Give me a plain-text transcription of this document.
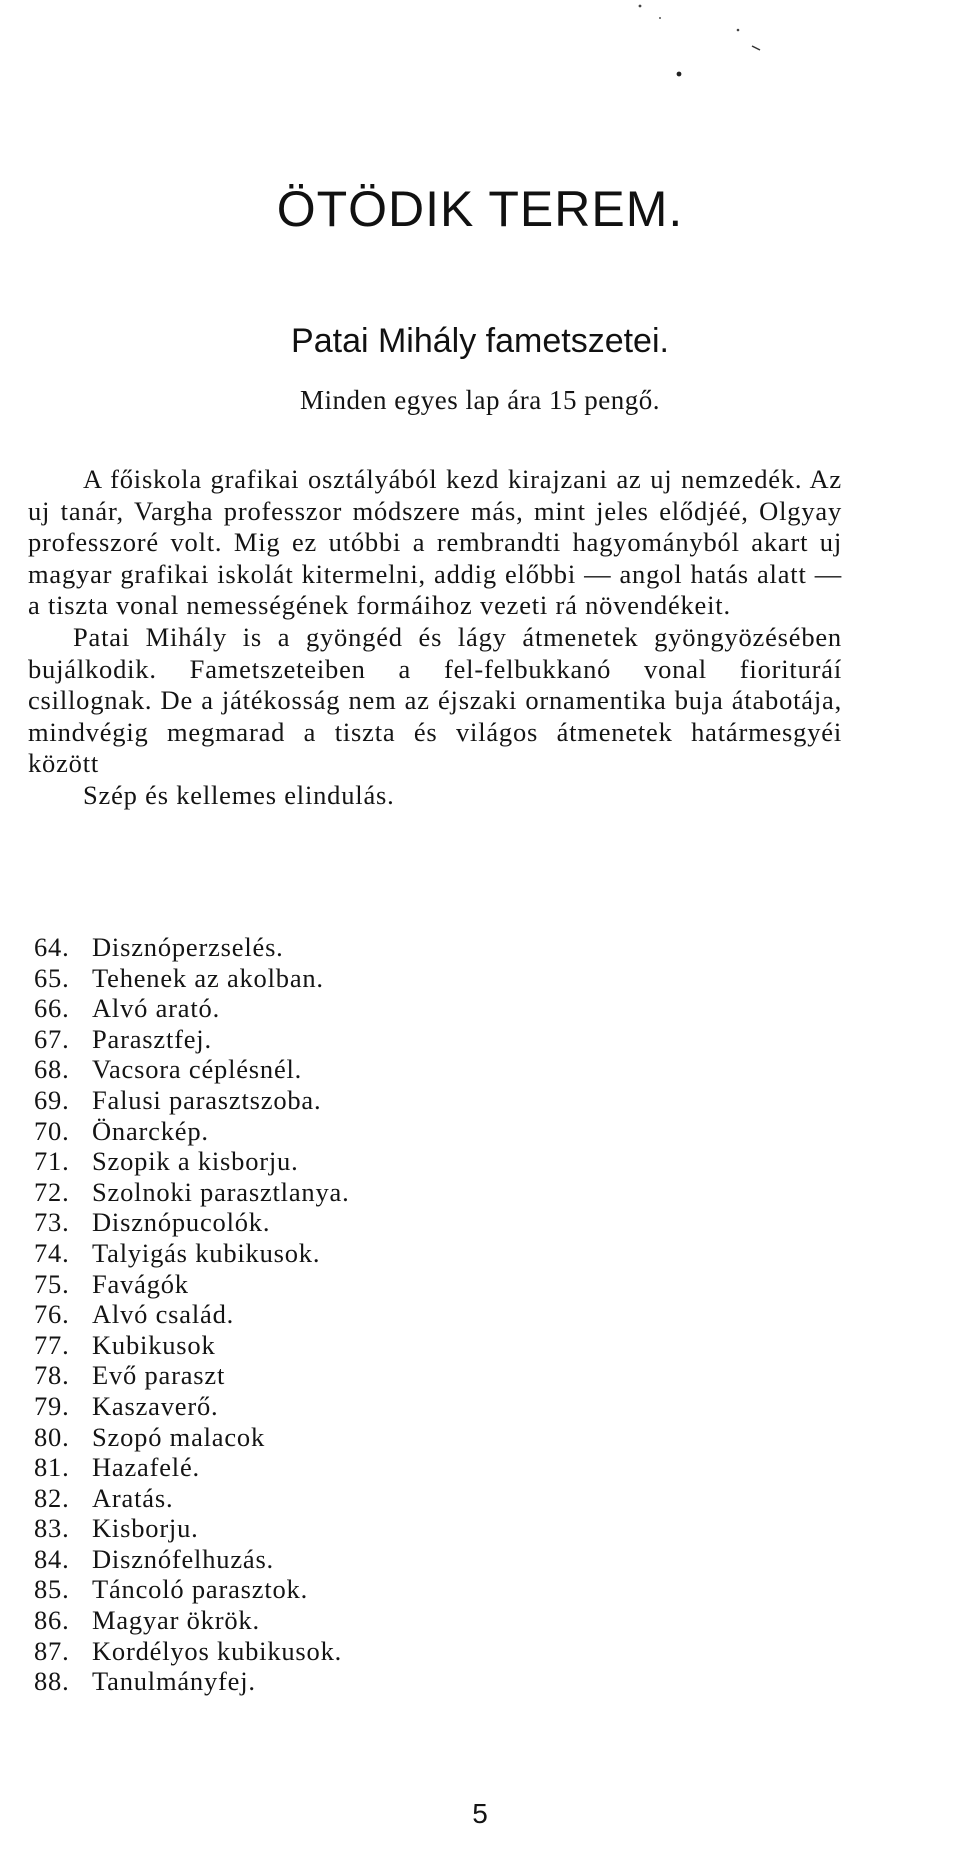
ÖTÖDIK TEREM.
Patai Mihály fametszetei.

Minden egyes lap ára 15 pengő.

A főiskola grafikai osztályából kezd kirajzani az uj nemzedék. Az uj tanár, Vargha professzor módszere más, mint jeles elődjéé, Olgyay professzoré volt. Mig ez utóbbi a rembrandti hagyományból akart uj magyar grafikai iskolát kitermelni, addig előbbi — angol hatás alatt — a tiszta vonal nemességének formáihoz vezeti rá növendékeit.

Patai Mihály is a gyöngéd és lágy átmenetek gyöngyözésében bujálkodik. Fametszeteiben a fel-felbukkanó vonal fiorituráí csillognak. De a játékosság nem az éjszaki ornamentika buja átabotája, mindvégig megmarad a tiszta és világos átmenetek határmesgyéi között

Szép és kellemes elindulás.

64. Disznóperzselés.
65. Tehenek az akolban.
66. Alvó arató.
67. Parasztfej.
68. Vacsora céplésnél.
69. Falusi parasztszoba.
70. Önarckép.
71. Szopik a kisborju.
72. Szolnoki parasztlanya.
73. Disznópucolók.
74. Talyigás kubikusok.
75. Favágók
76. Alvó család.
77. Kubikusok
78. Evő paraszt
79. Kaszaverő.
80. Szopó malacok
81. Hazafelé.
82. Aratás.
83. Kisborju.
84. Disznófelhuzás.
85. Táncoló parasztok.
86. Magyar ökrök.
87. Kordélyos kubikusok.
88. Tanulmányfej.

5
